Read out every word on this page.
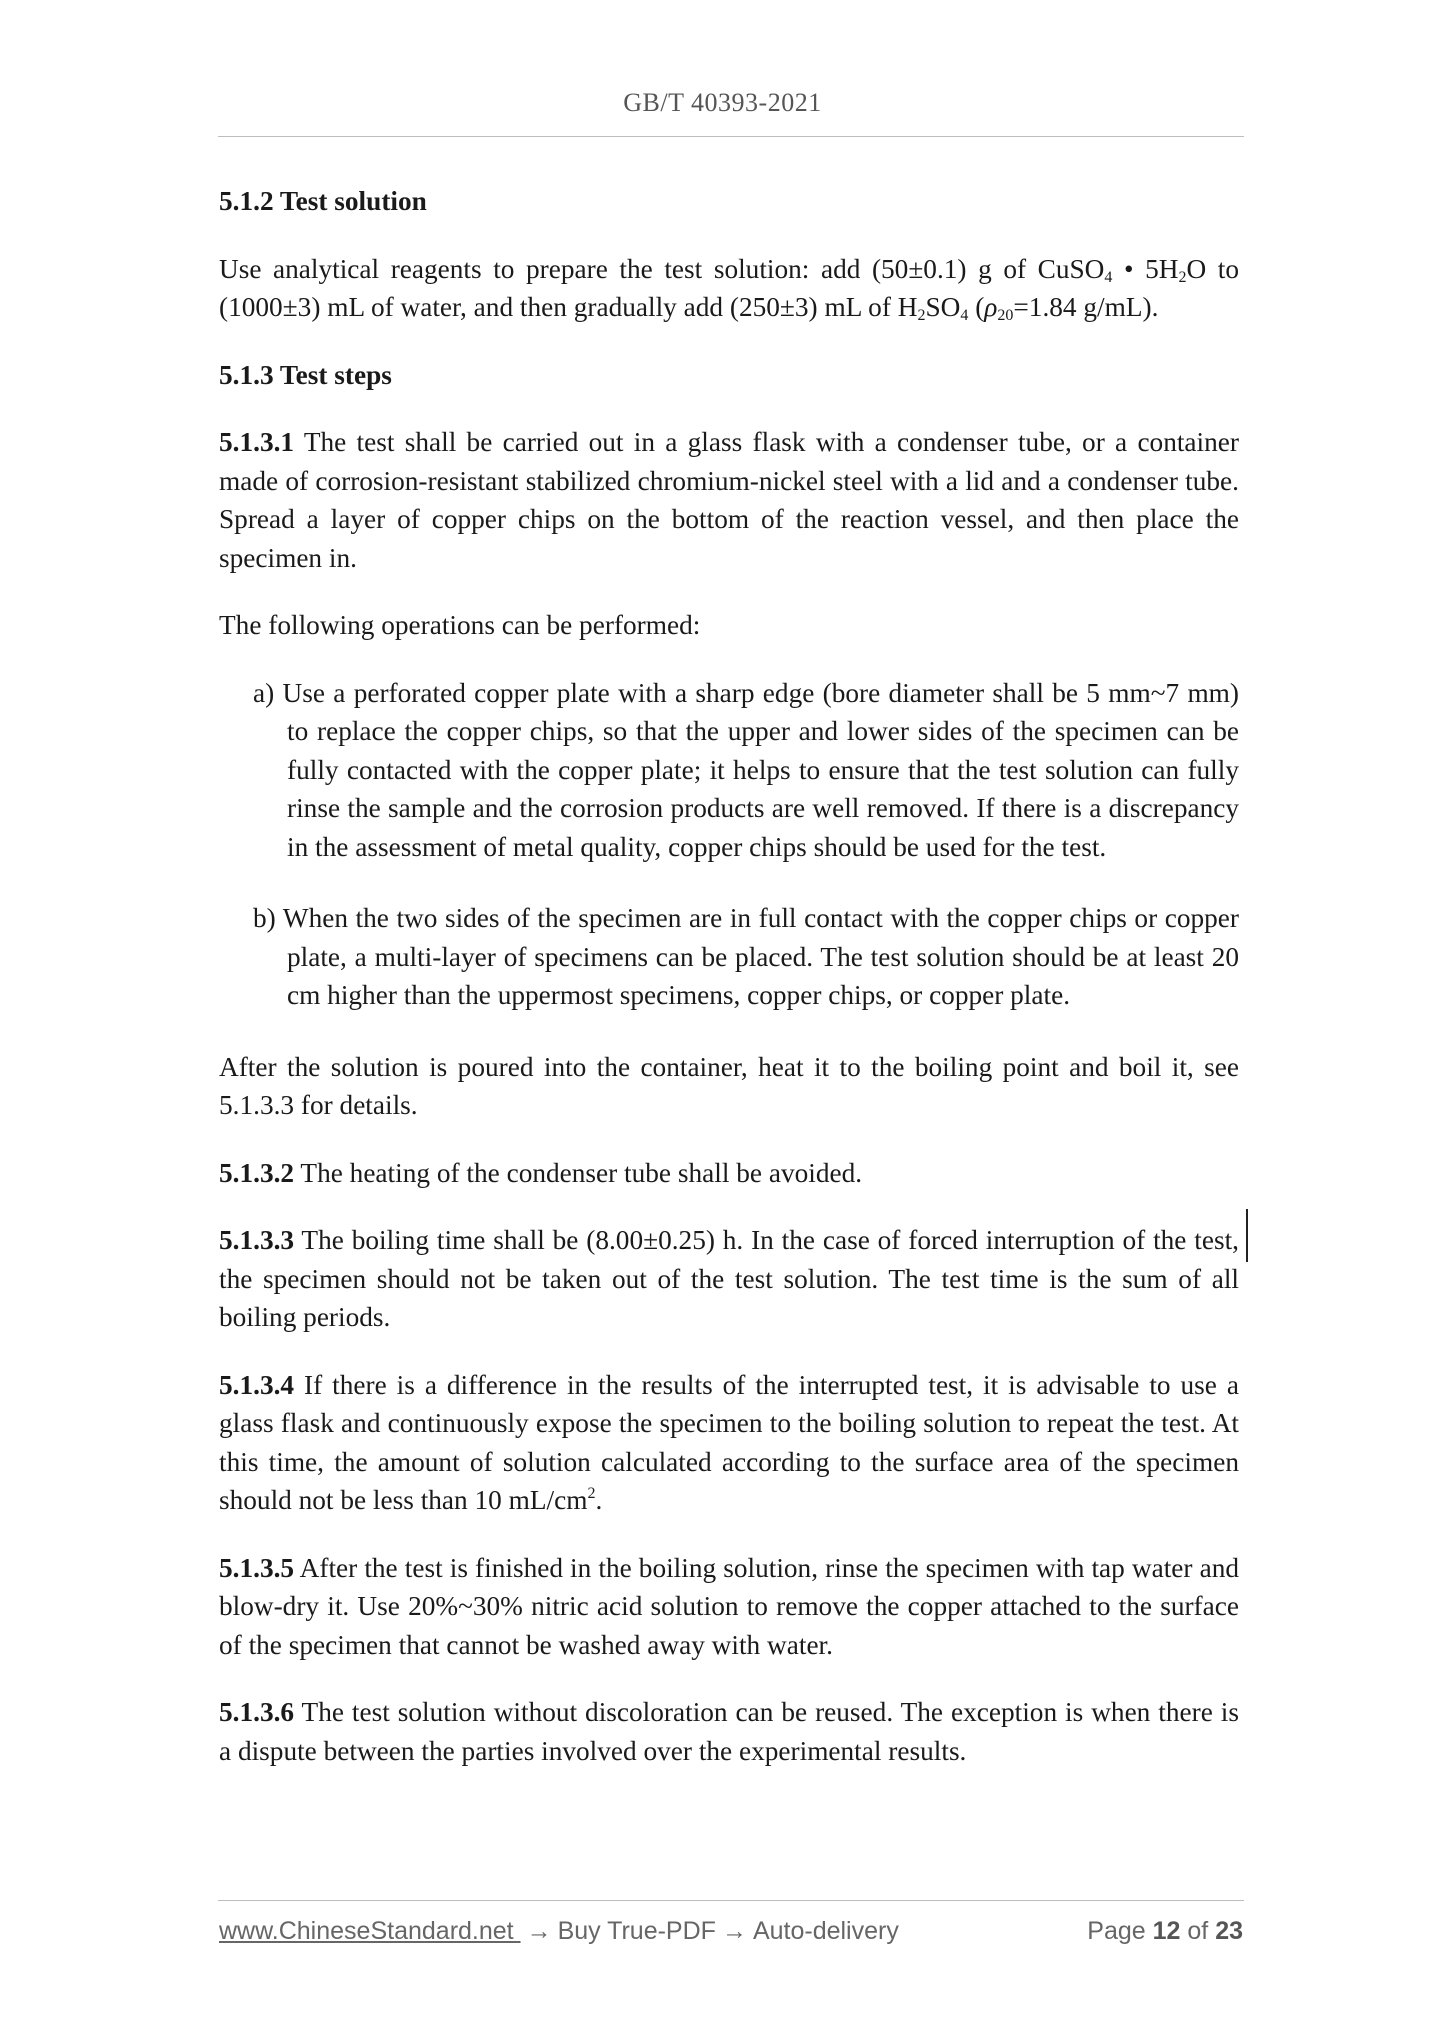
GB/T 40393-2021
5.1.2 Test solution

Use analytical reagents to prepare the test solution: add (50±0.1) g of CuSO$_4$ • $5H_2O$ to (1000±3) mL of water, and then gradually add (250±3) mL of $H_2SO_4$ ($\rho_{20}=1.84$ g/mL).

5.1.3 Test steps

5.1.3.1 The test shall be carried out in a glass flask with a condenser tube, or a container made of corrosion-resistant stabilized chromium-nickel steel with a lid and a condenser tube. Spread a layer of copper chips on the bottom of the reaction vessel, and then place the specimen in.

The following operations can be performed:

a) Use a perforated copper plate with a sharp edge (bore diameter shall be 5 mm~7 mm) to replace the copper chips, so that the upper and lower sides of the specimen can be fully contacted with the copper plate; it helps to ensure that the test solution can fully rinse the sample and the corrosion products are well removed. If there is a discrepancy in the assessment of metal quality, copper chips should be used for the test.

b) When the two sides of the specimen are in full contact with the copper chips or copper plate, a multi-layer of specimens can be placed. The test solution should be at least 20 cm higher than the uppermost specimens, copper chips, or copper plate.

After the solution is poured into the container, heat it to the boiling point and boil it, see 5.1.3.3 for details.

5.1.3.2 The heating of the condenser tube shall be avoided.

5.1.3.3 The boiling time shall be (8.00±0.25) h. In the case of forced interruption of the test, the specimen should not be taken out of the test solution. The test time is the sum of all boiling periods.

5.1.3.4 If there is a difference in the results of the interrupted test, it is advisable to use a glass flask and continuously expose the specimen to the boiling solution to repeat the test. At this time, the amount of solution calculated according to the surface area of the specimen should not be less than 10 $mL/cm^2$.

5.1.3.5 After the test is finished in the boiling solution, rinse the specimen with tap water and blow-dry it. Use 20%~30% nitric acid solution to remove the copper attached to the surface of the specimen that cannot be washed away with water.

5.1.3.6 The test solution without discoloration can be reused. The exception is when there is a dispute between the parties involved over the experimental results.

www.ChineseStandard.net → Buy True-PDF → Auto-delivery	Page 12 of 23
